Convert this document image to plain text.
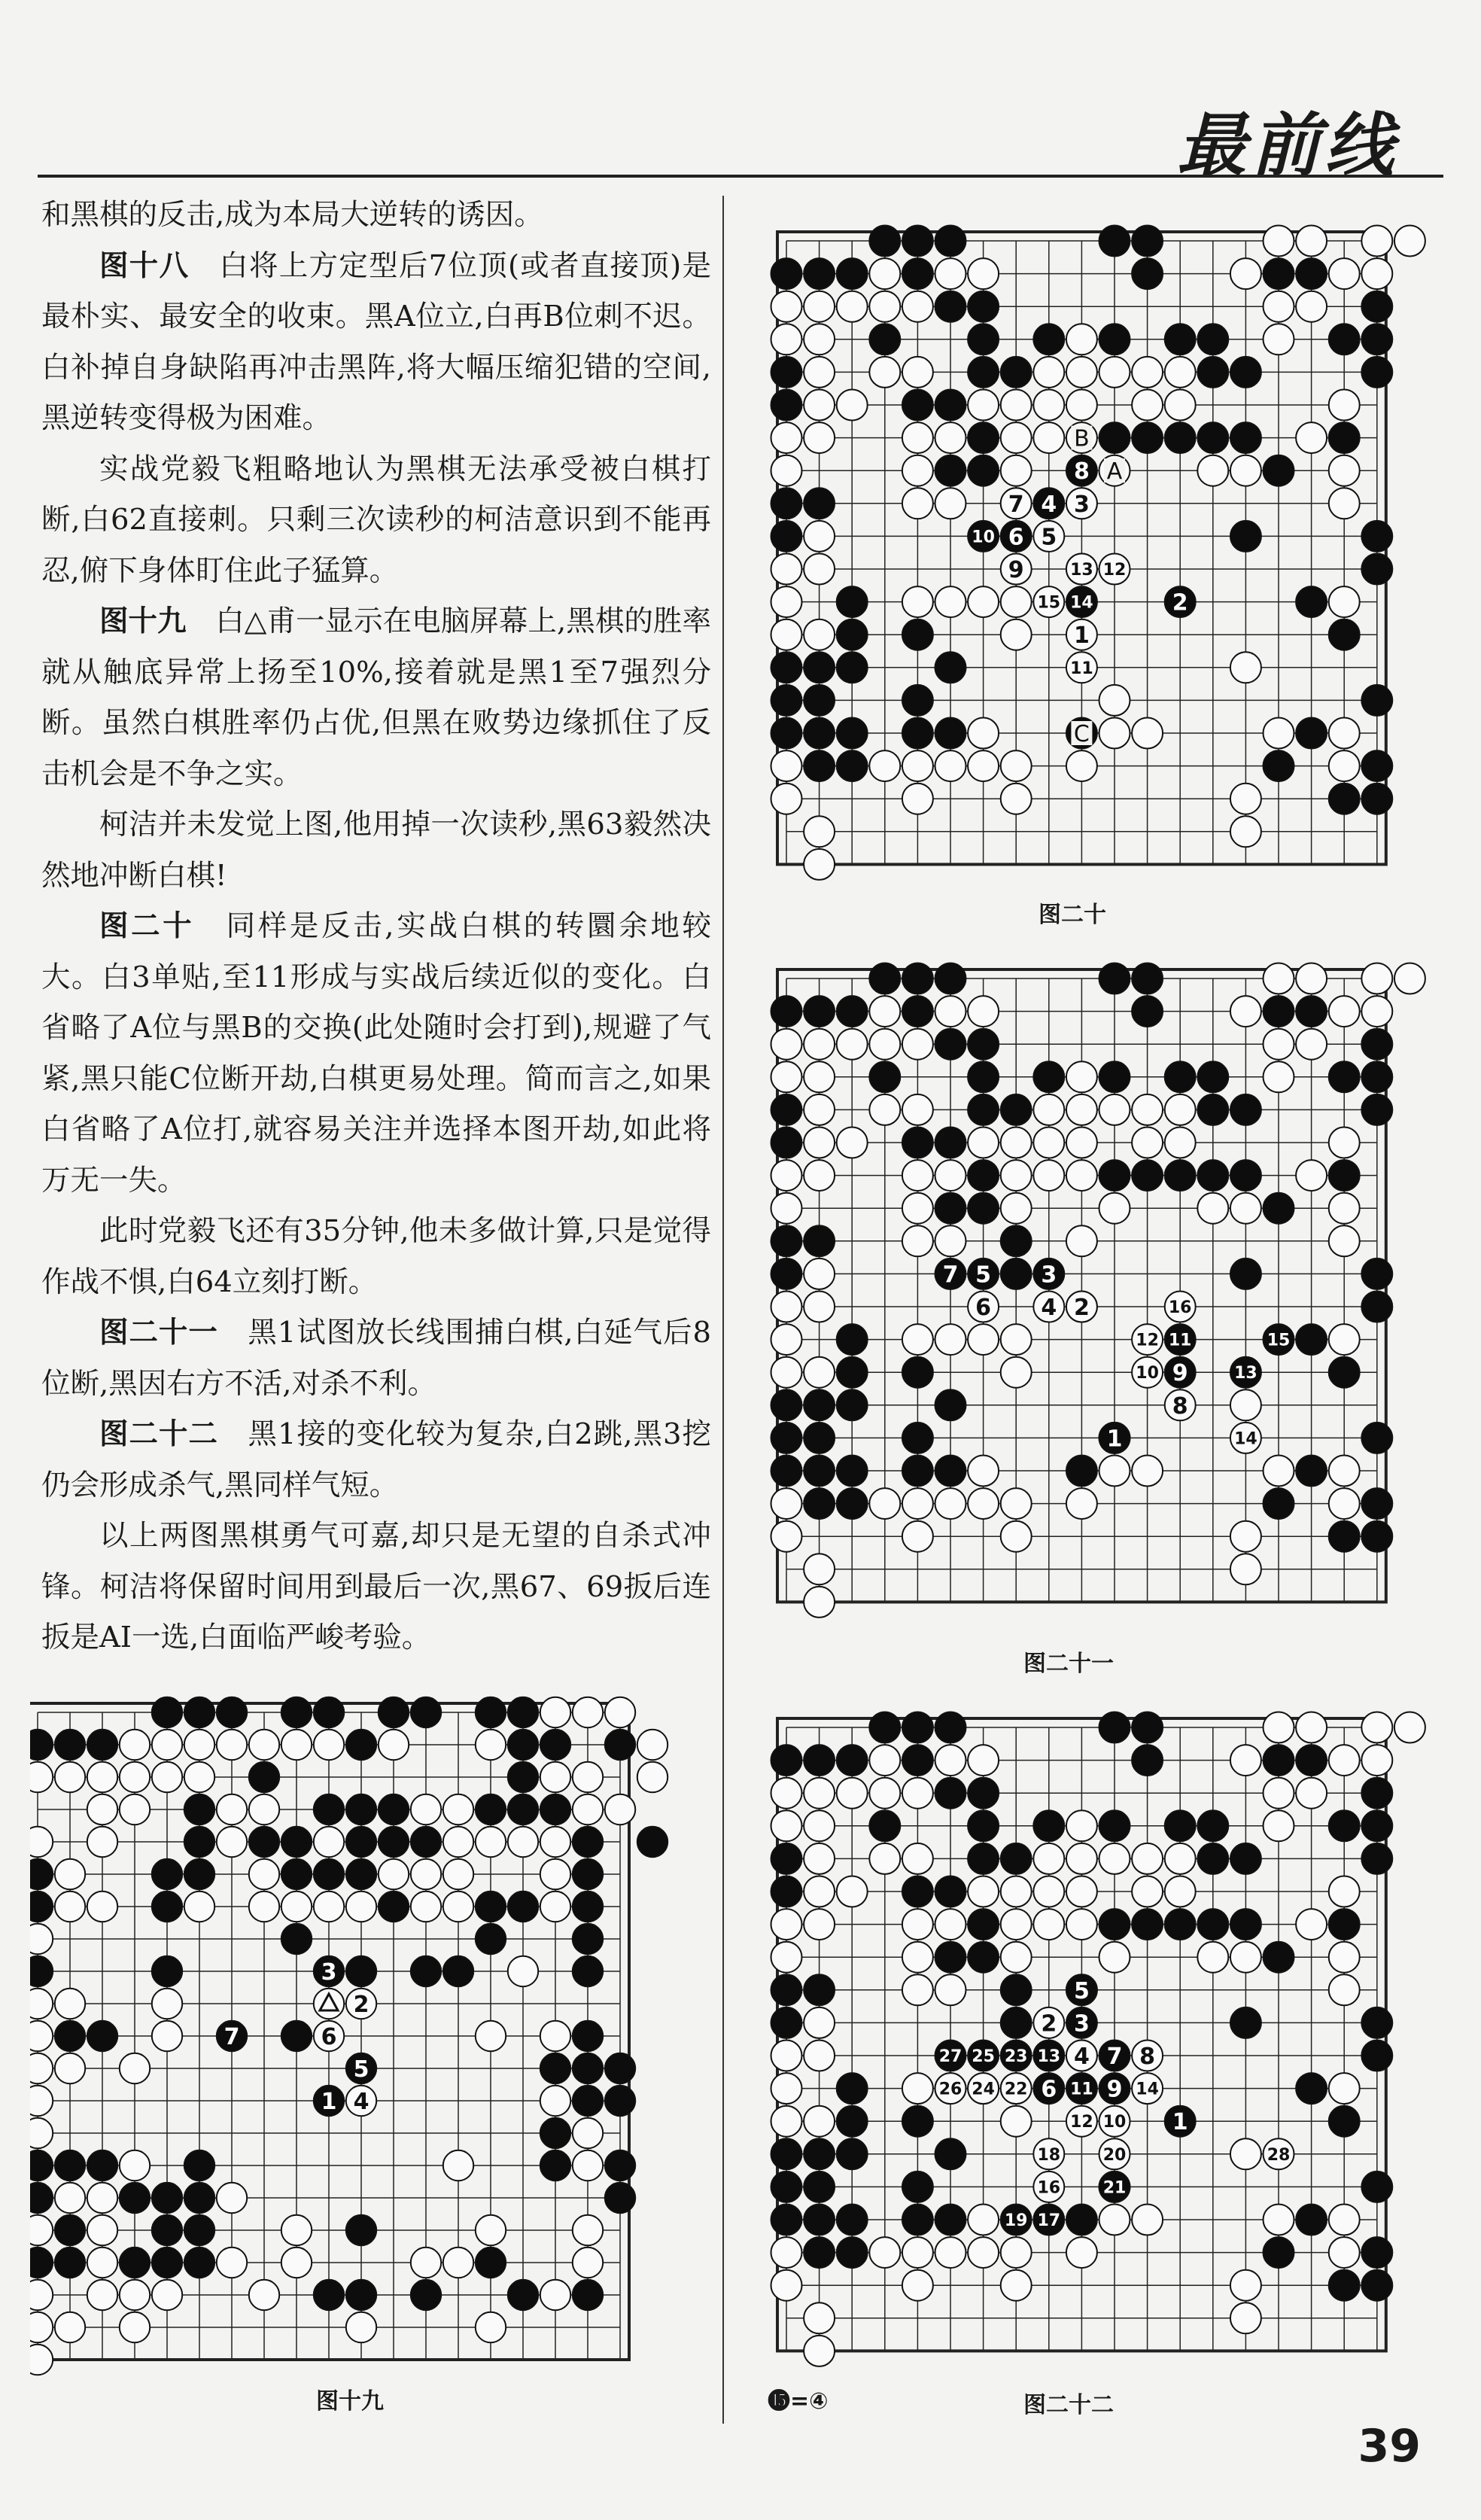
最前线

和黑棋的反击,成为本局大逆转的诱因。

图十八　 白将上方定型后7位顶(或者直接顶)是最朴实、最安全的收束。黑A位立,白再B位刺不迟。白补掉自身缺陷再冲击黑阵,将大幅压缩犯错的空间,黑逆转变得极为困难。

实战党毅飞粗略地认为黑棋无法承受被白棋打断,白62直接刺。只剩三次读秒的柯洁意识到不能再忍,俯下身体盯住此子猛算。

图十九　 白△甫一显示在电脑屏幕上,黑棋的胜率就从触底异常上扬至10%,接着就是黑1至7强烈分断。虽然白棋胜率仍占优,但黑在败势边缘抓住了反击机会是不争之实。

柯洁并未发觉上图,他用掉一次读秒,黑63毅然决然地冲断白棋!

图二十　 同样是反击,实战白棋的转圜余地较大。白3单贴,至11形成与实战后续近似的变化。白省略了A位与黑B的交换(此处随时会打到),规避了气紧,黑只能C位断开劫,白棋更易处理。简而言之,如果白省略了A位打,就容易关注并选择本图开劫,如此将万无一失。

此时党毅飞还有35分钟,他未多做计算,只是觉得作战不惧,白64立刻打断。

图二十一　 黑1试图放长线围捕白棋,白延气后8位断,黑因右方不活,对杀不利。

图二十二　 黑1接的变化较为复杂,白2跳,黑3挖仍会形成杀气,黑同样气短。

以上两图黑棋勇气可嘉,却只是无望的自杀式冲锋。柯洁将保留时间用到最后一次,黑67、69扳后连扳是AI一选,白面临严峻考验。

3
2
7	6
5
1 4
8
7 4 3
10 6 5
9	13 12
15 14	2
1
11
B
A
C
7 5 3
6 4 2	16
12 11	15
10 9	13
8
1	14
5
2 3
27 25 23 13 4 7 8
26 24 22 6 11 9 14
12 10 1
18	20	28
16	21
19 17
图十九
图二十
图二十一
图二十二
⓯=④
39
